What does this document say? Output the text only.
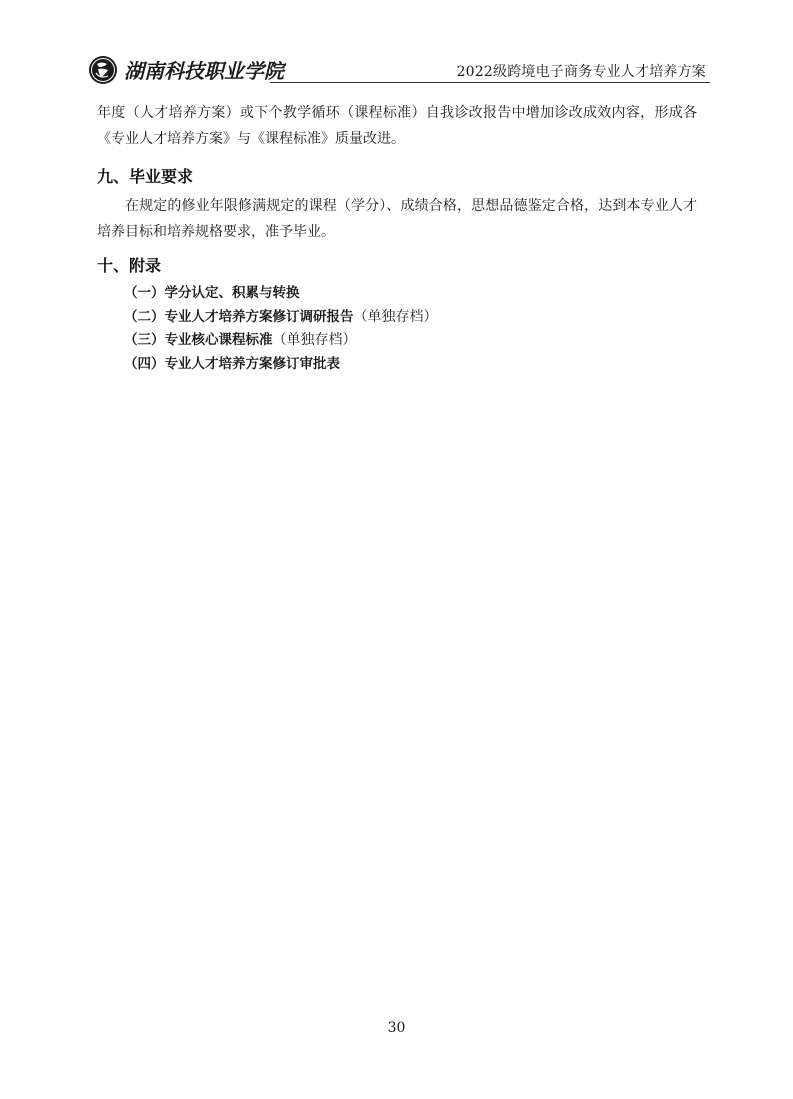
湖南科技职业学院	2022级跨境电子商务专业人才培养方案

年度（人才培养方案）或下个教学循环（课程标准）自我诊改报告中增加诊改成效内容，形成各《专业人才培养方案》与《课程标准》质量改进。

九、毕业要求

在规定的修业年限修满规定的课程（学分）、成绩合格，思想品德鉴定合格，达到本专业人才培养目标和培养规格要求，准予毕业。

十、附录
（一）学分认定、积累与转换
（二）专业人才培养方案修订调研报告（单独存档）
（三）专业核心课程标准（单独存档）
（四）专业人才培养方案修订审批表
30
